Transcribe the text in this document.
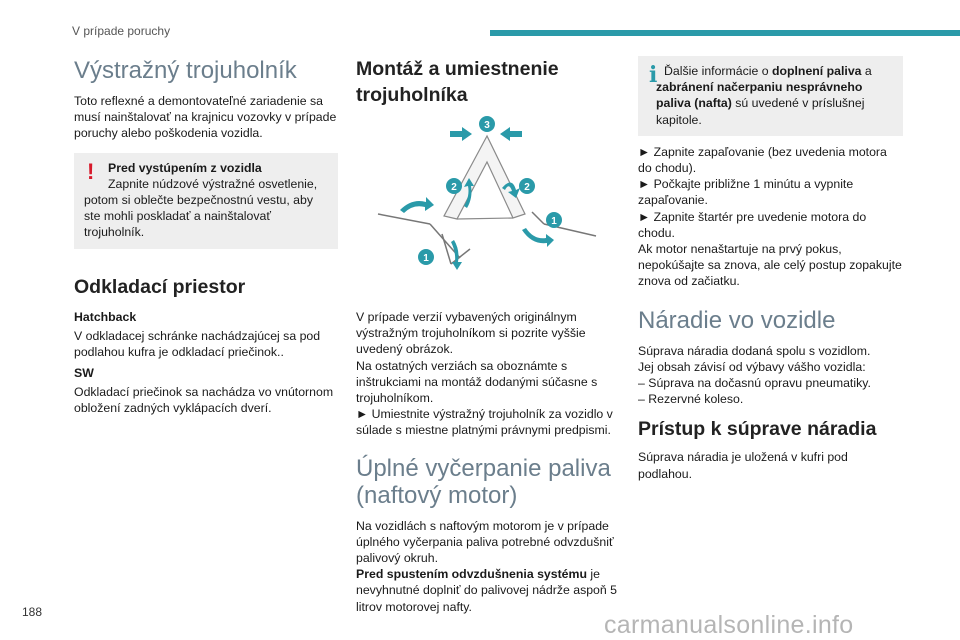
V prípade poruchy
Výstražný trojuholník

Toto reflexné a demontovateľné zariadenie sa musí nainštalovať na krajnicu vozovky v prípade poruchy alebo poškodenia vozidla.

!	Pred vystúpením z vozidla
Zapnite núdzové výstražné osvetlenie, potom si oblečte bezpečnostnú vestu, aby ste mohli poskladať a nainštalovať trojuholník.
Odkladací priestor
Hatchback

V odkladacej schránke nachádzajúcej sa pod podlahou kufra je odkladací priečinok..

SW

Odkladací priečinok sa nachádza vo vnútornom obložení zadných vyklápacích dverí.

Montáž a umiestnenie trojuholníka
3
2	2
1
1

V prípade verzií vybavených originálnym výstražným trojuholníkom si pozrite vyššie uvedený obrázok.

Na ostatných verziách sa oboznámte s inštrukciami na montáž dodanými súčasne s trojuholníkom.

► Umiestnite výstražný trojuholník za vozidlo v súlade s miestne platnými právnymi predpismi.

Úplné vyčerpanie paliva (naftový motor)

Na vozidlách s naftovým motorom je v prípade úplného vyčerpania paliva potrebné odvzdušniť palivový okruh.

Pred spustením odvzdušnenia systému je nevyhnutné doplniť do palivovej nádrže aspoň 5 litrov motorovej nafty.

i Ďalšie informácie o doplnení paliva a zabránení načerpaniu nesprávneho paliva (nafta) sú uvedené v príslušnej kapitole.

► Zapnite zapaľovanie (bez uvedenia motora do chodu).

► Počkajte približne 1 minútu a vypnite zapaľovanie.

► Zapnite štartér pre uvedenie motora do chodu.

Ak motor nenaštartuje na prvý pokus, nepokúšajte sa znova, ale celý postup zopakujte znova od začiatku.

Náradie vo vozidle

Súprava náradia dodaná spolu s vozidlom.

Jej obsah závisí od výbavy vášho vozidla:

– Súprava na dočasnú opravu pneumatiky.

– Rezervné koleso.

Prístup k súprave náradia

Súprava náradia je uložená v kufri pod podlahou.

188	carmanualsonline.info
